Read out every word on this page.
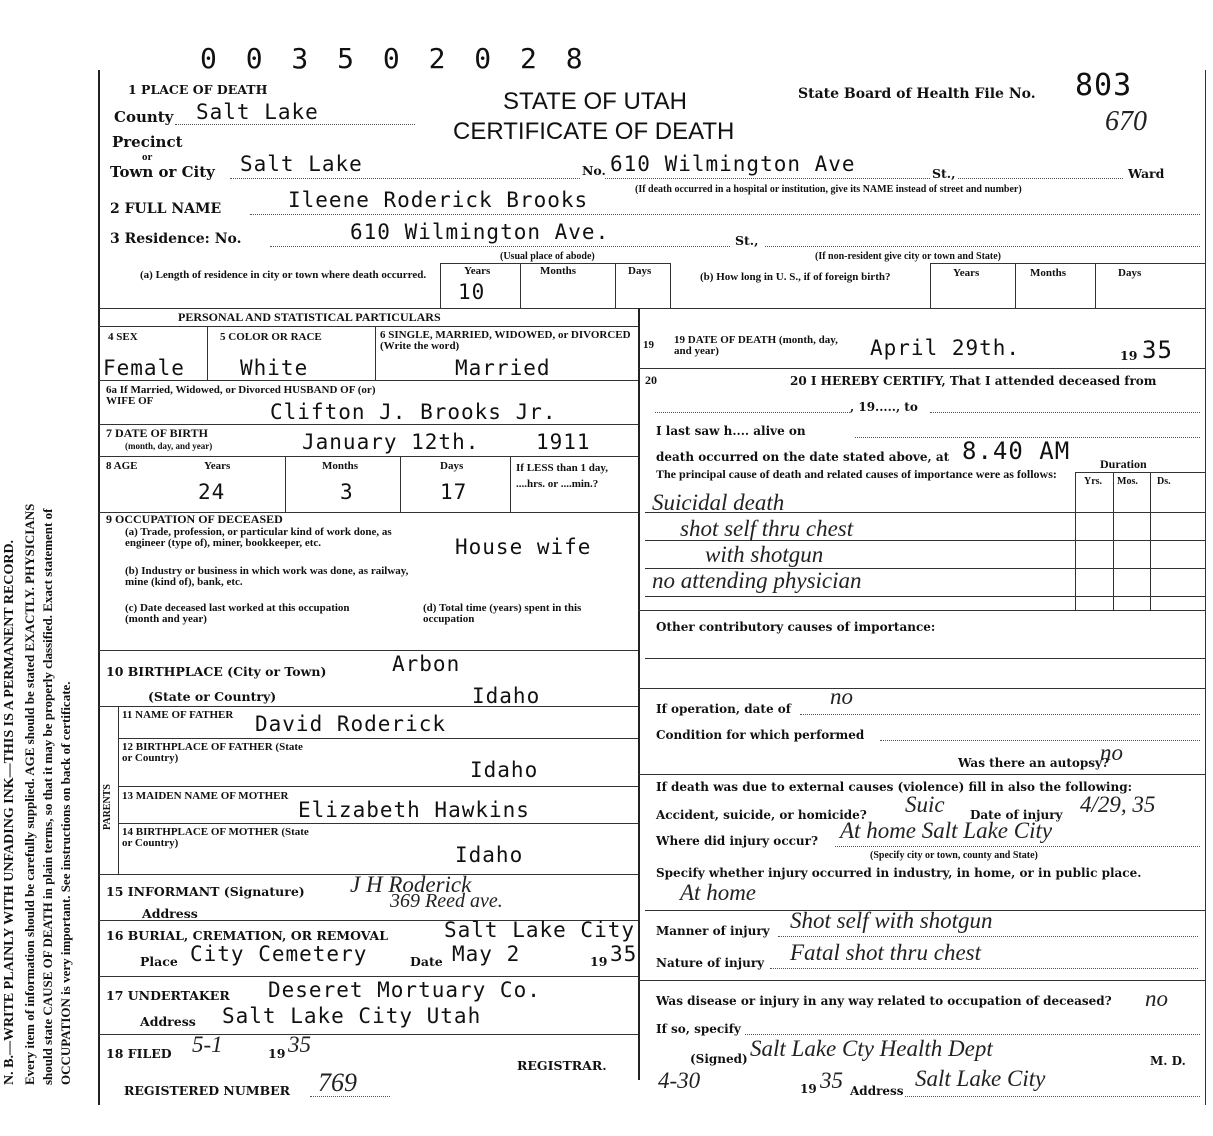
0 0 3 5 0 2 0 2 8
N. B.—WRITE PLAINLY WITH UNFADING INK—THIS IS A PERMANENT RECORD. Every item of information should be carefully supplied. AGE should be stated EXACTLY. PHYSICIANS should state CAUSE OF DEATH in plain terms, so that it may be properly classified. Exact statement of OCCUPATION is very important. See instructions on back of certificate.
1 PLACE OF DEATH	STATE OF UTAH
CERTIFICATE OF DEATH
State Board of Health File No. 803
670
County Salt Lake
Precinct
or
Town or City Salt Lake	No. 610 Wilmington Ave	St.,	Ward
(If death occurred in a hospital or institution, give its NAME instead of street and number)
2 FULL NAME	Ileene Roderick Brooks
3 Residence: No.	610 Wilmington Ave.	St.,
(Usual place of abode)	(If non-resident give city or town and State)
(a) Length of residence in city or town where death occurred.	Years	Months	Days
10
(b) How long in U. S., if of foreign birth?	Years	Months	Days
PERSONAL AND STATISTICAL PARTICULARS
4 SEX	5 COLOR OR RACE	6 SINGLE, MARRIED, WIDOWED, or DIVORCED (Write the word)
Female	White	Married
6a If Married, Widowed, or Divorced HUSBAND OF (or) WIFE OF	Clifton J. Brooks Jr.
7 DATE OF BIRTH
(month, day, and year)	January 12th.	1911
8 AGE	Years	Months	Days	If LESS than 1 day, ....hrs. or ....min.?
24	3	17
9 OCCUPATION OF DECEASED
(a) Trade, profession, or particular kind of work done, as engineer (type of), miner, bookkeeper, etc.	House wife
(b) Industry or business in which work was done, as railway, mine (kind of), bank, etc.
(c) Date deceased last worked at this occupation (month and year)
(d) Total time (years) spent in this occupation
10 BIRTHPLACE (City or Town)	Arbon
(State or Country)	Idaho
PARENTS
11 NAME OF FATHER	David Roderick
12 BIRTHPLACE OF FATHER (State or Country)	Idaho
13 MAIDEN NAME OF MOTHER
Elizabeth Hawkins
14 BIRTHPLACE OF MOTHER (State or Country)	Idaho
15 INFORMANT (Signature) J H Roderick
Address
369 Reed ave.
16 BURIAL, CREMATION, OR REMOVAL	Salt Lake City
Place City Cemetery	Date May 2	19 35
17 UNDERTAKER Deseret Mortuary Co.
Address Salt Lake City Utah
18 FILED 5-1	19 35
REGISTRAR.
REGISTERED NUMBER 769
19 19 DATE OF DEATH (month, day, and year)	April 29th.	19 35
20	20 I HEREBY CERTIFY, That I attended deceased from
, 19....., to
I last saw h.... alive on
death occurred on the date stated above, at 8.40 AM Duration
The principal cause of death and related causes of importance were as follows:
Yrs. Mos. Ds.
Suicidal death
shot self thru chest
with shotgun
no attending physician
Other contributory causes of importance:
If operation, date of no
Condition for which performed
Was there an autopsy?
no
If death was due to external causes (violence) fill in also the following:
Accident, suicide, or homicide? Suic Date of injury 4/29, 35
Where did injury occur? At home Salt Lake City
(Specify city or town, county and State)
Specify whether injury occurred in industry, in home, or in public place.
At home
Manner of injury Shot self with shotgun
Nature of injury Fatal shot thru chest
Was disease or injury in any way related to occupation of deceased? no
If so, specify
(Signed) Salt Lake Cty Health Dept	M. D.
4-30	19 35 Address Salt Lake City
